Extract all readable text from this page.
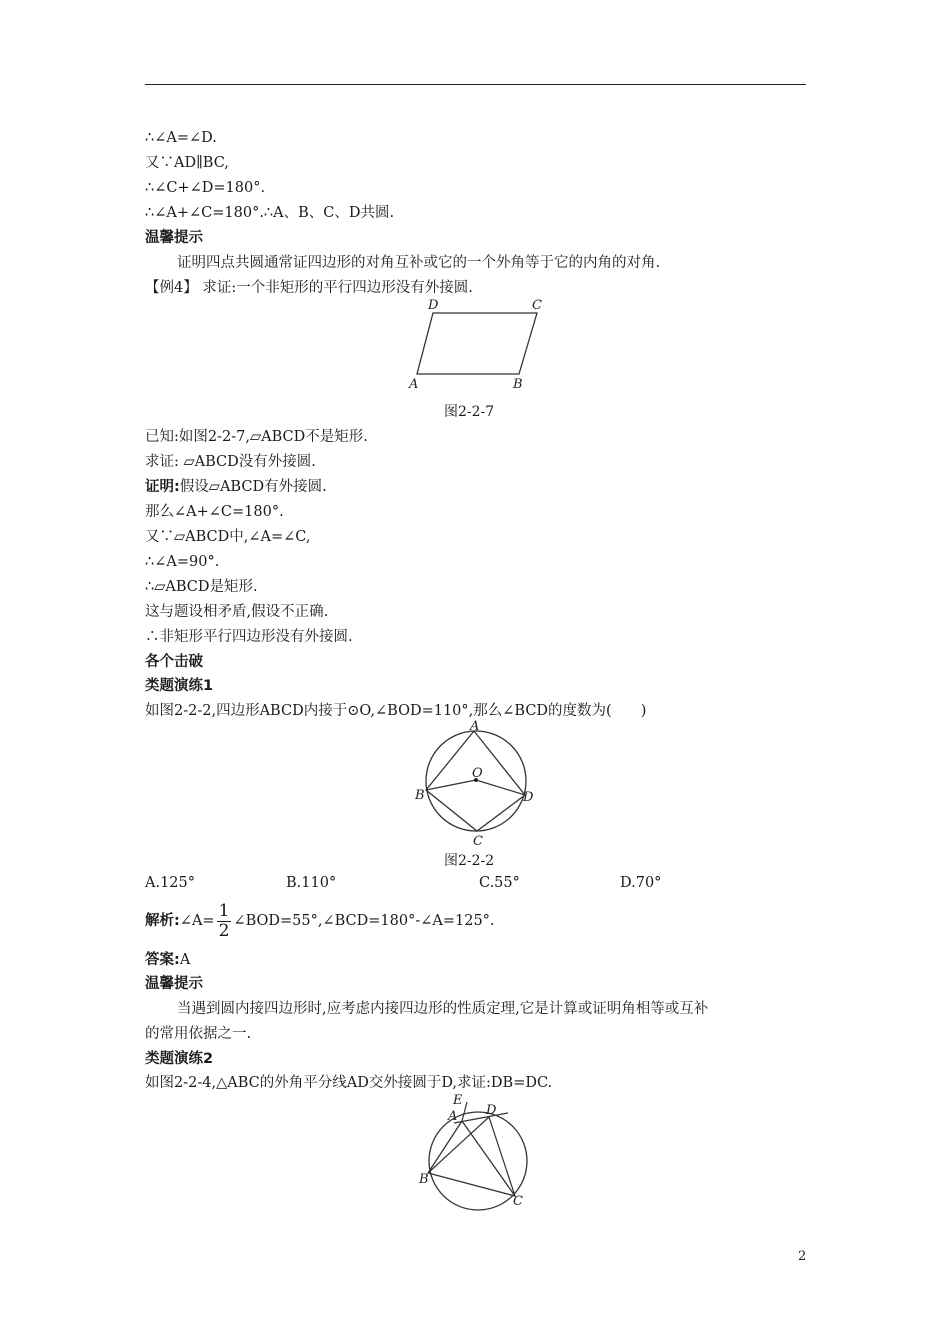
∴∠A=∠D.
又∵AD∥BC,
∴∠C+∠D=180°.
∴∠A+∠C=180°.∴A、B、C、D共圆.
温馨提示
证明四点共圆通常证四边形的对角互补或它的一个外角等于它的内角的对角.
【例4】 求证:一个非矩形的平行四边形没有外接圆.
D	C
A	B
图2-2-7
已知:如图2-2-7,▱ABCD不是矩形.
求证: ▱ABCD没有外接圆.
证明:假设▱ABCD有外接圆.
那么∠A+∠C=180°.
又∵▱ABCD中,∠A=∠C,
∴∠A=90°.
∴▱ABCD是矩形.
这与题设相矛盾,假设不正确.
∴非矩形平行四边形没有外接圆.
各个击破
类题演练1
如图2-2-2,四边形ABCD内接于⊙O,∠BOD=110°,那么∠BCD的度数为(　　)
A
O
B	D
C
图2-2-2
A.125°	B.110°	C.55°	D.70°
解析:∠A= $\frac{1}{2}$ ∠BOD=55°,∠BCD=180°-∠A=125°.
答案:A
温馨提示
当遇到圆内接四边形时,应考虑内接四边形的性质定理,它是计算或证明角相等或互补
的常用依据之一.
类题演练2
如图2-2-4,△ABC的外角平分线AD交外接圆于D,求证:DB=DC.
E
A D
B
C
2
